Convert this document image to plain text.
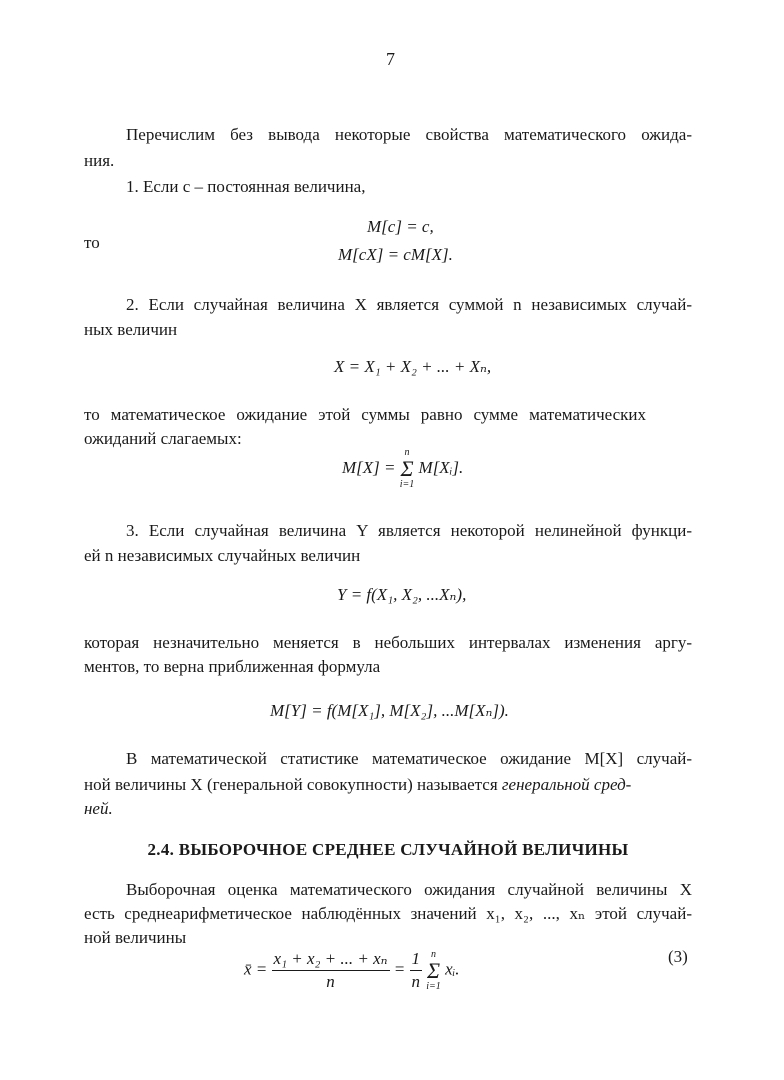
7
Перечислим без вывода некоторые свойства математического ожида-
ния.
1. Если c – постоянная величина,
M[c] = c,
то
M[cX] = cM[X].
2. Если случайная величина X является суммой n независимых случай-
ных величин
X = X₁ + X₂ + ... + Xₙ,
то математическое ожидание этой суммы равно сумме математических
ожиданий слагаемых:
M[X] =
n
Σ
i=1
M[Xᵢ].
3. Если случайная величина Y является некоторой нелинейной функци-
ей n независимых случайных величин
Y = f(X₁, X₂, ...Xₙ),
которая незначительно меняется в небольших интервалах изменения аргу-
ментов, то верна приближенная формула
M[Y] = f(M[X₁], M[X₂], ...M[Xₙ]).
В математической статистике математическое ожидание M[X] случай-
ной величины X (генеральной совокупности) называется генеральной сред-
ней.
2.4. ВЫБОРОЧНОЕ СРЕДНЕЕ СЛУЧАЙНОЙ ВЕЛИЧИНЫ
Выборочная оценка математического ожидания случайной величины X
есть среднеарифметическое наблюдённых значений x₁, x₂, ..., xₙ этой случай-
ной величины
x̄ = $\frac{\text{x₁ + x₂ + ... + xₙ}}{n} = \frac{1}{n}$
n
Σ
i=1
xᵢ.
(3)
